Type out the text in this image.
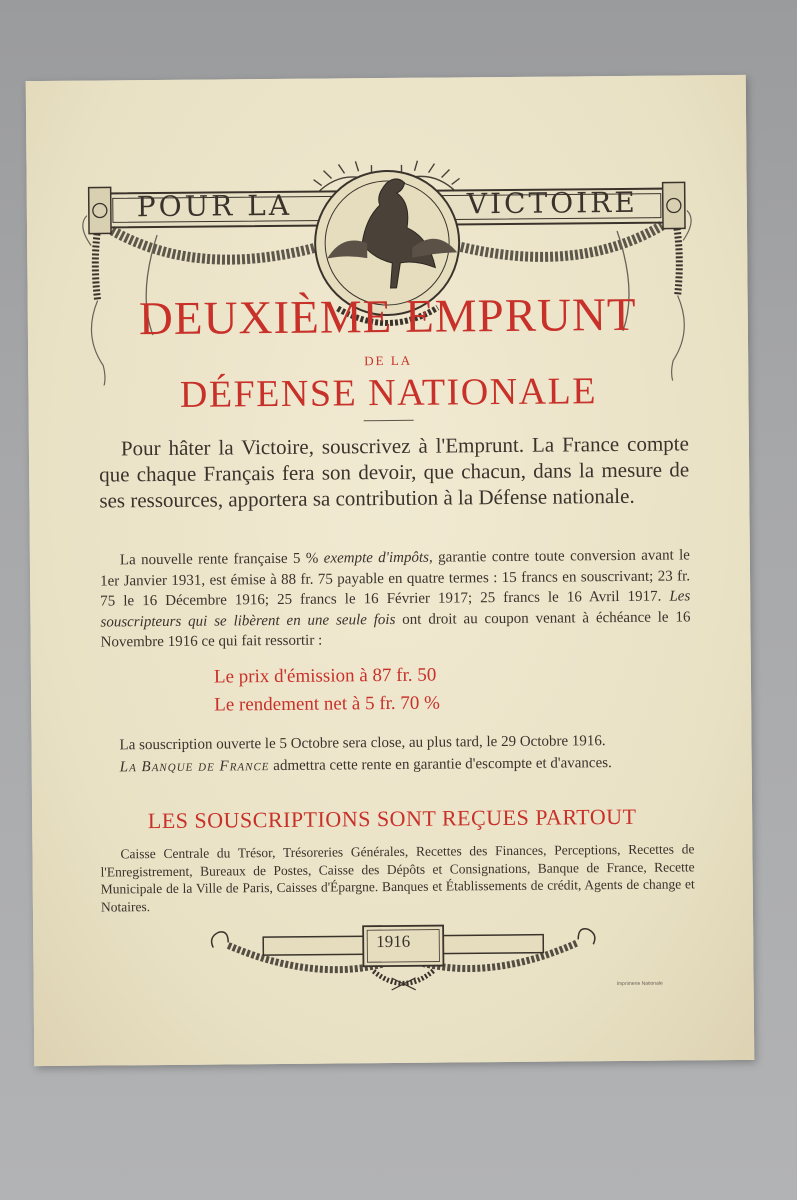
POUR LA	VICTOIRE
DEUXIÈME EMPRUNT
DE LA
DÉFENSE NATIONALE
Pour hâter la Victoire, souscrivez à l'Emprunt. La France compte que chaque Français fera son devoir, que chacun, dans la mesure de ses ressources, apportera sa contribution à la Défense nationale.
La nouvelle rente française 5 % exempte d'impôts, garantie contre toute conversion avant le 1er Janvier 1931, est émise à 88 fr. 75 payable en quatre termes : 15 francs en souscrivant; 23 fr. 75 le 16 Décembre 1916; 25 francs le 16 Février 1917; 25 francs le 16 Avril 1917. Les souscripteurs qui se libèrent en une seule fois ont droit au coupon venant à échéance le 16 Novembre 1916 ce qui fait ressortir :
Le prix d'émission à 87 fr. 50
Le rendement net à 5 fr. 70 %
La souscription ouverte le 5 Octobre sera close, au plus tard, le 29 Octobre 1916.
La Banque de France admettra cette rente en garantie d'escompte et d'avances.
LES SOUSCRIPTIONS SONT REÇUES PARTOUT
Caisse Centrale du Trésor, Trésoreries Générales, Recettes des Finances, Perceptions, Recettes de l'Enregistrement, Bureaux de Postes, Caisse des Dépôts et Consignations, Banque de France, Recette Municipale de la Ville de Paris, Caisses d'Épargne. Banques et Établissements de crédit, Agents de change et Notaires.
1916
Imprimerie Nationale
